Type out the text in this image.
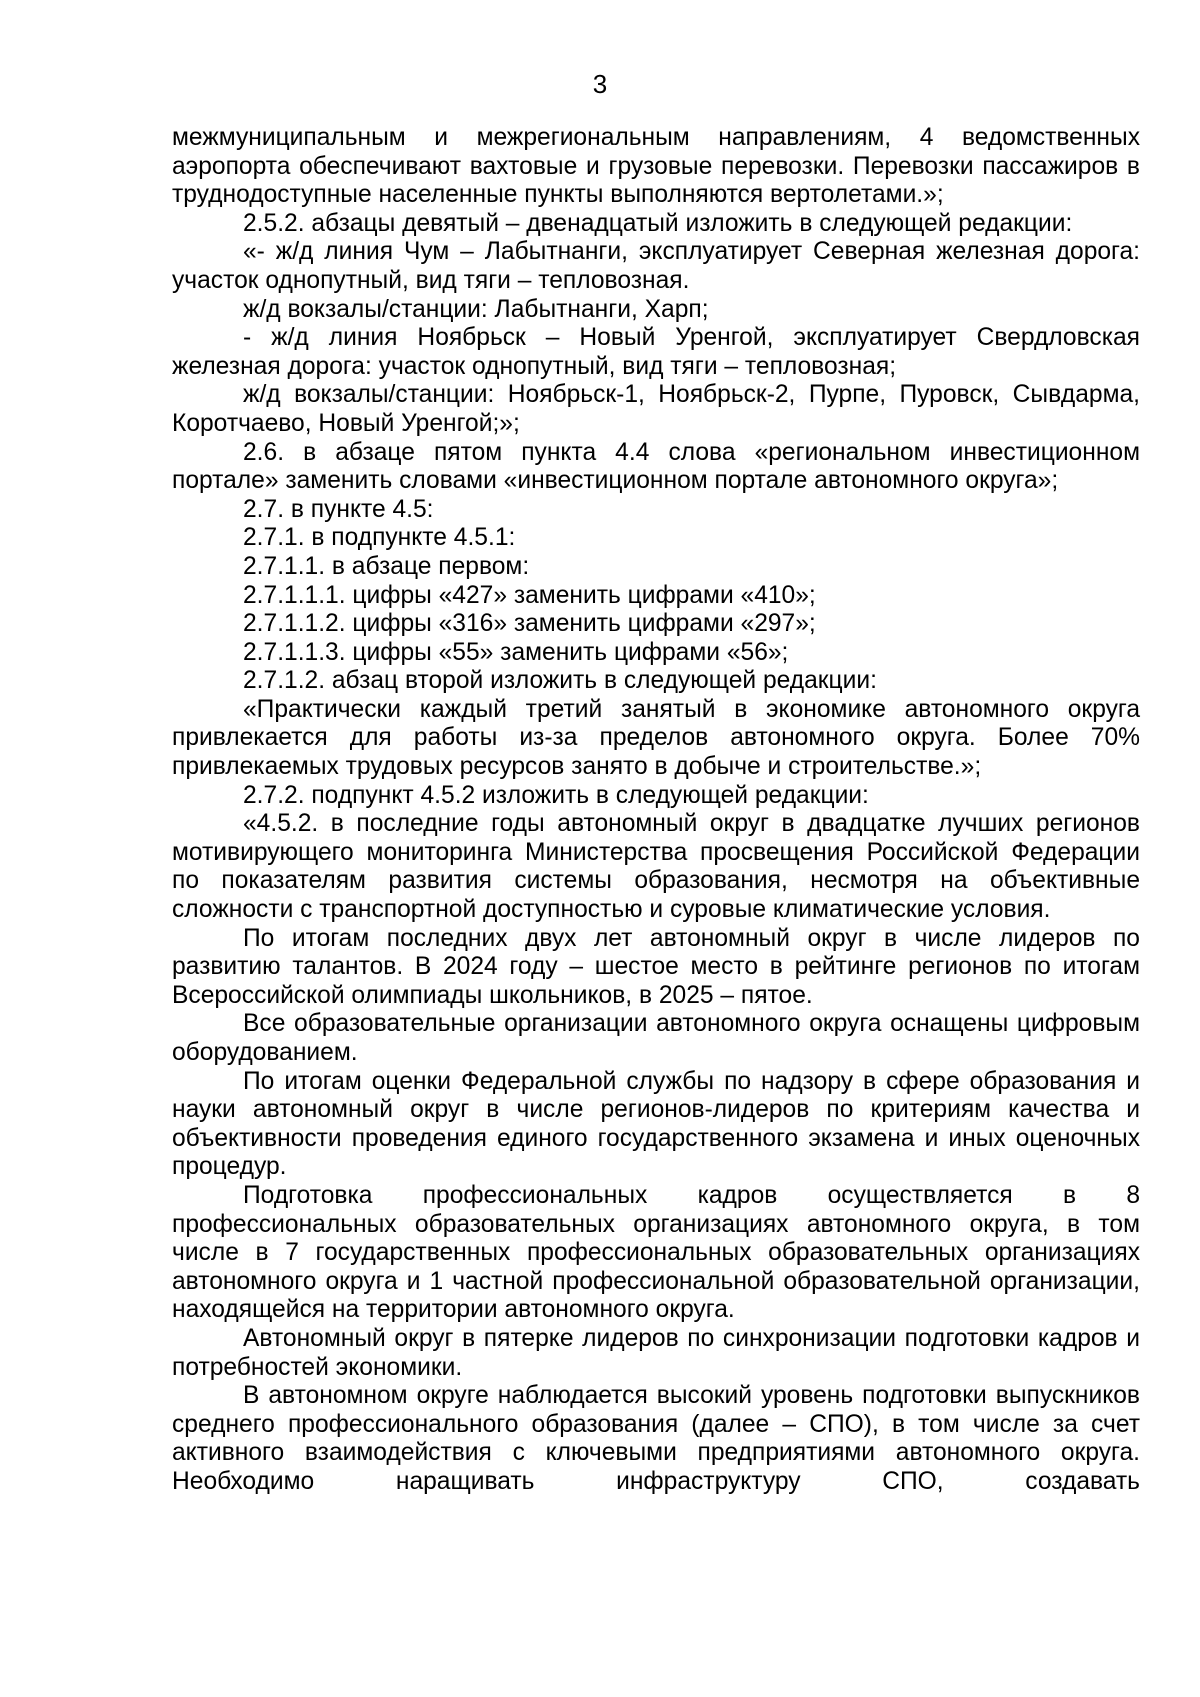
3

межмуниципальным и межрегиональным направлениям, 4 ведомственных аэропорта обеспечивают вахтовые и грузовые перевозки. Перевозки пассажиров в труднодоступные населенные пункты выполняются вертолетами.»;

2.5.2. абзацы девятый – двенадцатый изложить в следующей редакции:

«- ж/д линия Чум – Лабытнанги, эксплуатирует Северная железная дорога: участок однопутный, вид тяги – тепловозная.

ж/д вокзалы/станции: Лабытнанги, Харп;

- ж/д линия Ноябрьск – Новый Уренгой, эксплуатирует Свердловская железная дорога: участок однопутный, вид тяги – тепловозная;

ж/д вокзалы/станции: Ноябрьск-1, Ноябрьск-2, Пурпе, Пуровск, Сывдарма, Коротчаево, Новый Уренгой;»;

2.6. в абзаце пятом пункта 4.4 слова «региональном инвестиционном портале» заменить словами «инвестиционном портале автономного округа»;

2.7. в пункте 4.5:

2.7.1. в подпункте 4.5.1:

2.7.1.1. в абзаце первом:

2.7.1.1.1. цифры «427» заменить цифрами «410»;

2.7.1.1.2. цифры «316» заменить цифрами «297»;

2.7.1.1.3. цифры «55» заменить цифрами «56»;

2.7.1.2. абзац второй изложить в следующей редакции:

«Практически каждый третий занятый в экономике автономного округа привлекается для работы из-за пределов автономного округа. Более 70% привлекаемых трудовых ресурсов занято в добыче и строительстве.»;

2.7.2. подпункт 4.5.2 изложить в следующей редакции:

«4.5.2. в последние годы автономный округ в двадцатке лучших регионов мотивирующего мониторинга Министерства просвещения Российской Федерации по показателям развития системы образования, несмотря на объективные сложности с транспортной доступностью и суровые климатические условия.

По итогам последних двух лет автономный округ в числе лидеров по развитию талантов. В 2024 году – шестое место в рейтинге регионов по итогам Всероссийской олимпиады школьников, в 2025 – пятое.

Все образовательные организации автономного округа оснащены цифровым оборудованием.

По итогам оценки Федеральной службы по надзору в сфере образования и науки автономный округ в числе регионов-лидеров по критериям качества и объективности проведения единого государственного экзамена и иных оценочных процедур.

Подготовка профессиональных кадров осуществляется в 8 профессиональных образовательных организациях автономного округа, в том числе в 7 государственных профессиональных образовательных организациях автономного округа и 1 частной профессиональной образовательной организации, находящейся на территории автономного округа.

Автономный округ в пятерке лидеров по синхронизации подготовки кадров и потребностей экономики.

В автономном округе наблюдается высокий уровень подготовки выпускников среднего профессионального образования (далее – СПО), в том числе за счет активного взаимодействия с ключевыми предприятиями автономного округа. Необходимо наращивать инфраструктуру СПО, создавать
